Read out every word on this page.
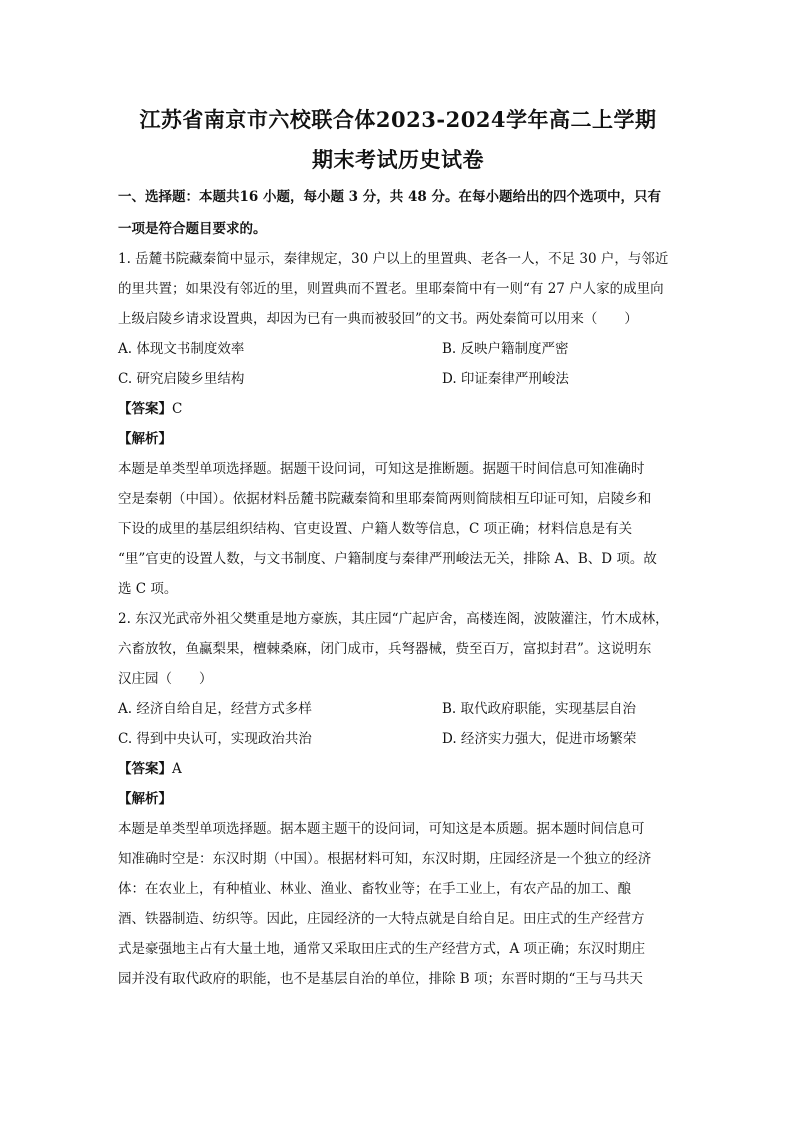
江苏省南京市六校联合体2023-2024学年高二上学期
期末考试历史试卷
一、选择题：本题共16 小题，每小题 3 分，共 48 分。在每小题给出的四个选项中，只有
一项是符合题目要求的。

1. 岳麓书院藏秦简中显示，秦律规定，30 户以上的里置典、老各一人，不足 30 户，与邻近

的里共置；如果没有邻近的里，则置典而不置老。里耶秦简中有一则“有 27 户人家的成里向

上级启陵乡请求设置典，却因为已有一典而被驳回”的文书。两处秦简可以用来（　　）

A. 体现文书制度效率	B. 反映户籍制度严密
C. 研究启陵乡里结构	D. 印证秦律严刑峻法
【答案】C
【解析】

本题是单类型单项选择题。据题干设问词，可知这是推断题。据题干时间信息可知准确时

空是秦朝（中国）。依据材料岳麓书院藏秦简和里耶秦简两则简牍相互印证可知，启陵乡和

下设的成里的基层组织结构、官吏设置、户籍人数等信息，C 项正确；材料信息是有关

“里”官吏的设置人数，与文书制度、户籍制度与秦律严刑峻法无关，排除 A、B、D 项。故

选 C 项。

2. 东汉光武帝外祖父樊重是地方豪族，其庄园“广起庐舍，高楼连阁，波陂灌注，竹木成林，

六畜放牧，鱼赢梨果，檀棘桑麻，闭门成市，兵弩器械，赀至百万，富拟封君”。这说明东

汉庄园（　　）

A. 经济自给自足，经营方式多样	B. 取代政府职能，实现基层自治
C. 得到中央认可，实现政治共治	D. 经济实力强大，促进市场繁荣
【答案】A
【解析】

本题是单类型单项选择题。据本题主题干的设问词，可知这是本质题。据本题时间信息可

知准确时空是：东汉时期（中国）。根据材料可知，东汉时期，庄园经济是一个独立的经济

体：在农业上，有种植业、林业、渔业、畜牧业等；在手工业上，有农产品的加工、酿

酒、铁器制造、纺织等。因此，庄园经济的一大特点就是自给自足。田庄式的生产经营方

式是豪强地主占有大量土地，通常又采取田庄式的生产经营方式，A 项正确；东汉时期庄

园并没有取代政府的职能，也不是基层自治的单位，排除 B 项；东晋时期的“王与马共天
